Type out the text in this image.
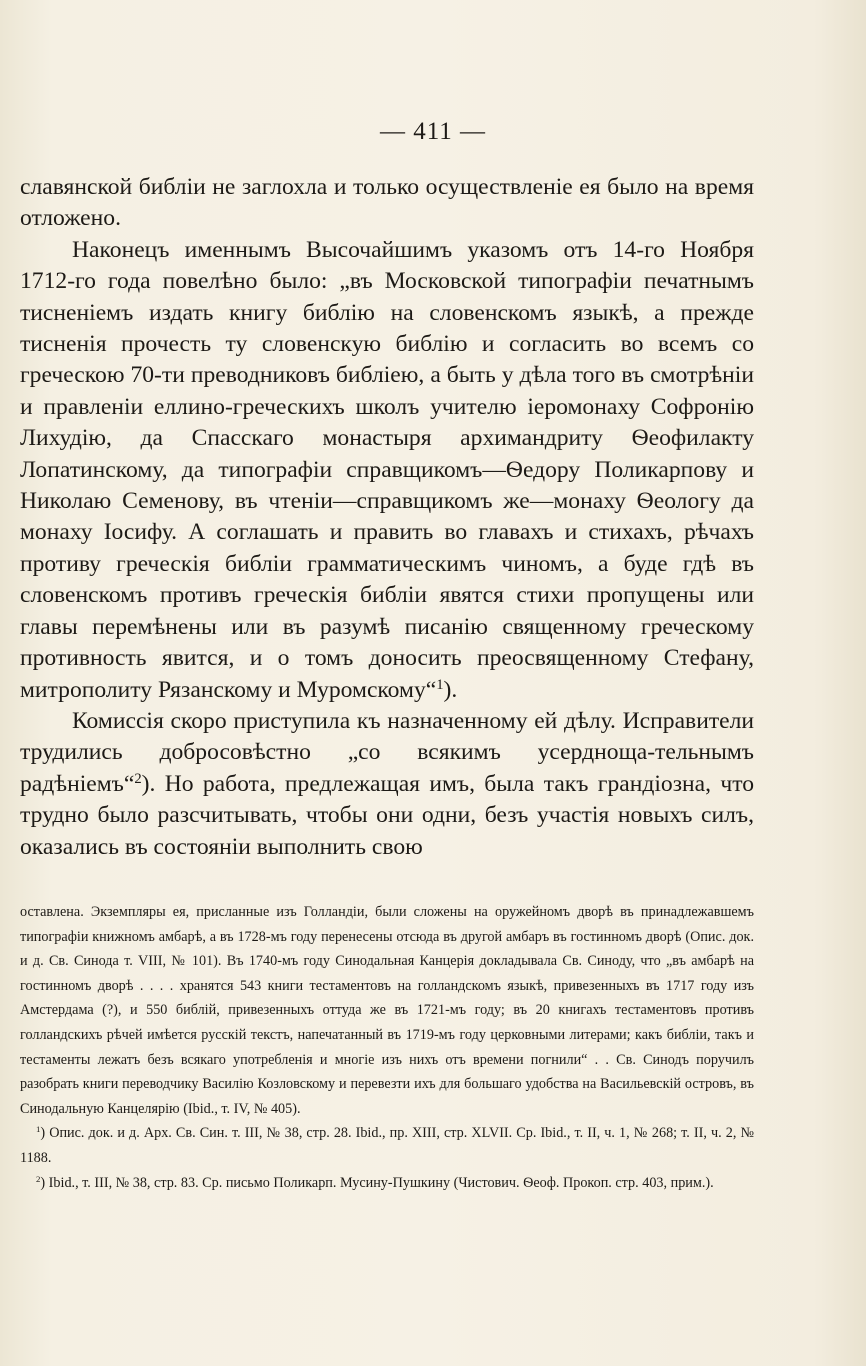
— 411 —

славянской библіи не заглохла и только осуществленіе ея было на время отложено.

Наконецъ именнымъ Высочайшимъ указомъ отъ 14-го Ноября 1712-го года повелѣно было: „въ Московской типографіи печатнымъ тисненіемъ издать книгу библію на словенскомъ языкѣ, а прежде тисненія прочесть ту словенскую библію и согласить во всемъ со греческою 70-ти преводниковъ библіею, а быть у дѣла того въ смотрѣніи и правленіи еллино-греческихъ школъ учителю іеромонаху Софронію Лихудію, да Спасскаго монастыря архимандриту Ѳеофилакту Лопатинскому, да типографіи справщикомъ—Ѳедору Поликарпову и Николаю Семенову, въ чтеніи—справщикомъ же—монаху Ѳеологу да монаху Іосифу. А соглашать и править во главахъ и стихахъ, рѣчахъ противу греческія библіи грамматическимъ чиномъ, а буде гдѣ въ словенскомъ противъ греческія библіи явятся стихи пропущены или главы перемѣнены или въ разумѣ писанію священному греческому противность явится, и о томъ доносить преосвященному Стефану, митрополиту Рязанскому и Муромскому“$^1$).

Комиссія скоро приступила къ назначенному ей дѣлу. Исправители трудились добросовѣстно „со всякимъ усердноща-тельнымъ радѣніемъ“$^2$). Но работа, предлежащая имъ, была такъ грандіозна, что трудно было разсчитывать, чтобы они одни, безъ участія новыхъ силъ, оказались въ состояніи выполнить свою

оставлена. Экземпляры ея, присланные изъ Голландіи, были сложены на оружейномъ дворѣ въ принадлежавшемъ типографіи книжномъ амбарѣ, а въ 1728-мъ году перенесены отсюда въ другой амбаръ въ гостинномъ дворѣ (Опис. док. и д. Св. Синода т. VIII, № 101). Въ 1740-мъ году Синодальная Канцерія докладывала Св. Синоду, что „въ амбарѣ на гостинномъ дворѣ . . . . хранятся 543 книги тестаментовъ на голландскомъ языкѣ, привезенныхъ въ 1717 году изъ Амстердама (?), и 550 библій, привезенныхъ оттуда же въ 1721-мъ году; въ 20 книгахъ тестаментовъ противъ голландскихъ рѣчей имѣется русскій текстъ, напечатанный въ 1719-мъ году церковными литерами; какъ библіи, такъ и тестаменты лежатъ безъ всякаго употребленія и многіе изъ нихъ отъ времени погнили“ . . Св. Синодъ поручилъ разобрать книги переводчику Василію Козловскому и перевезти ихъ для большаго удобства на Васильевскій островъ, въ Синодальную Канцелярію (Ibid., т. IV, № 405).

$^1$) Опис. док. и д. Арх. Св. Син. т. III, № 38, стр. 28. Ibid., пр. XIII, стр. XLVII. Ср. Ibid., т. II, ч. 1, № 268; т. II, ч. 2, № 1188.

$^2$) Ibid., т. III, № 38, стр. 83. Ср. письмо Поликарп. Мусину-Пушкину (Чистович. Ѳеоф. Прокоп. стр. 403, прим.).
